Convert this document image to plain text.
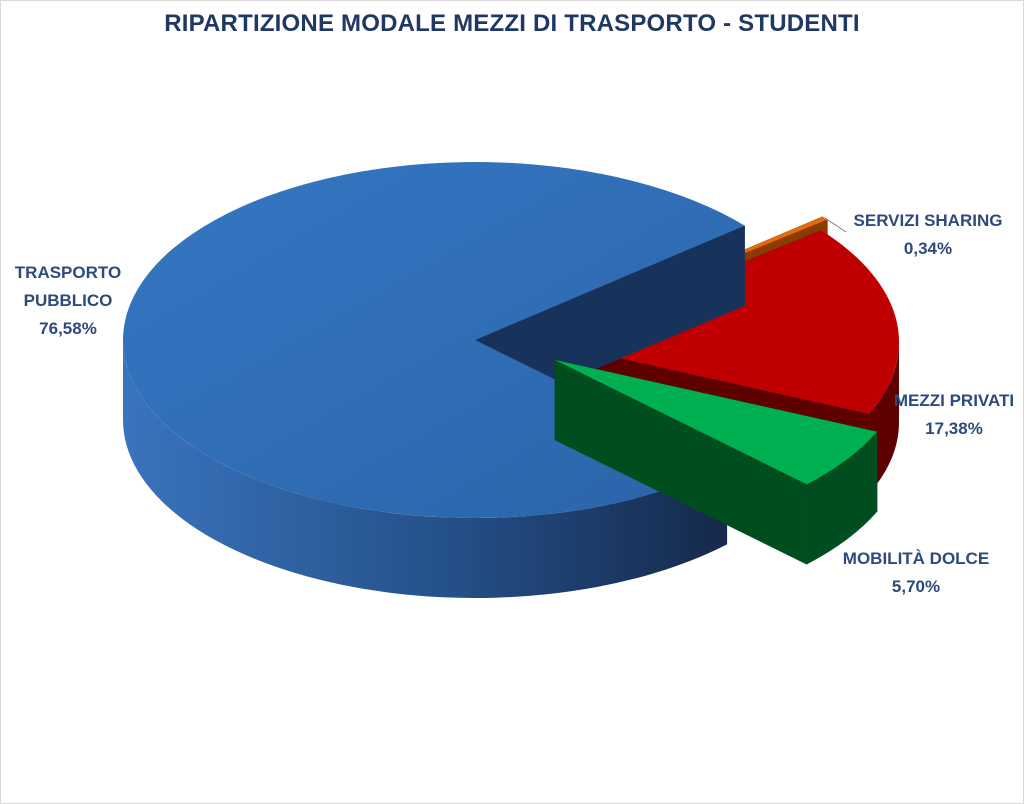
RIPARTIZIONE MODALE MEZZI DI TRASPORTO - STUDENTI
SERVIZI SHARING 0,34%
MEZZI PRIVATI 17,38%
TRASPORTO PUBBLICO 76,58%
MOBILITÀ DOLCE 5,70%
